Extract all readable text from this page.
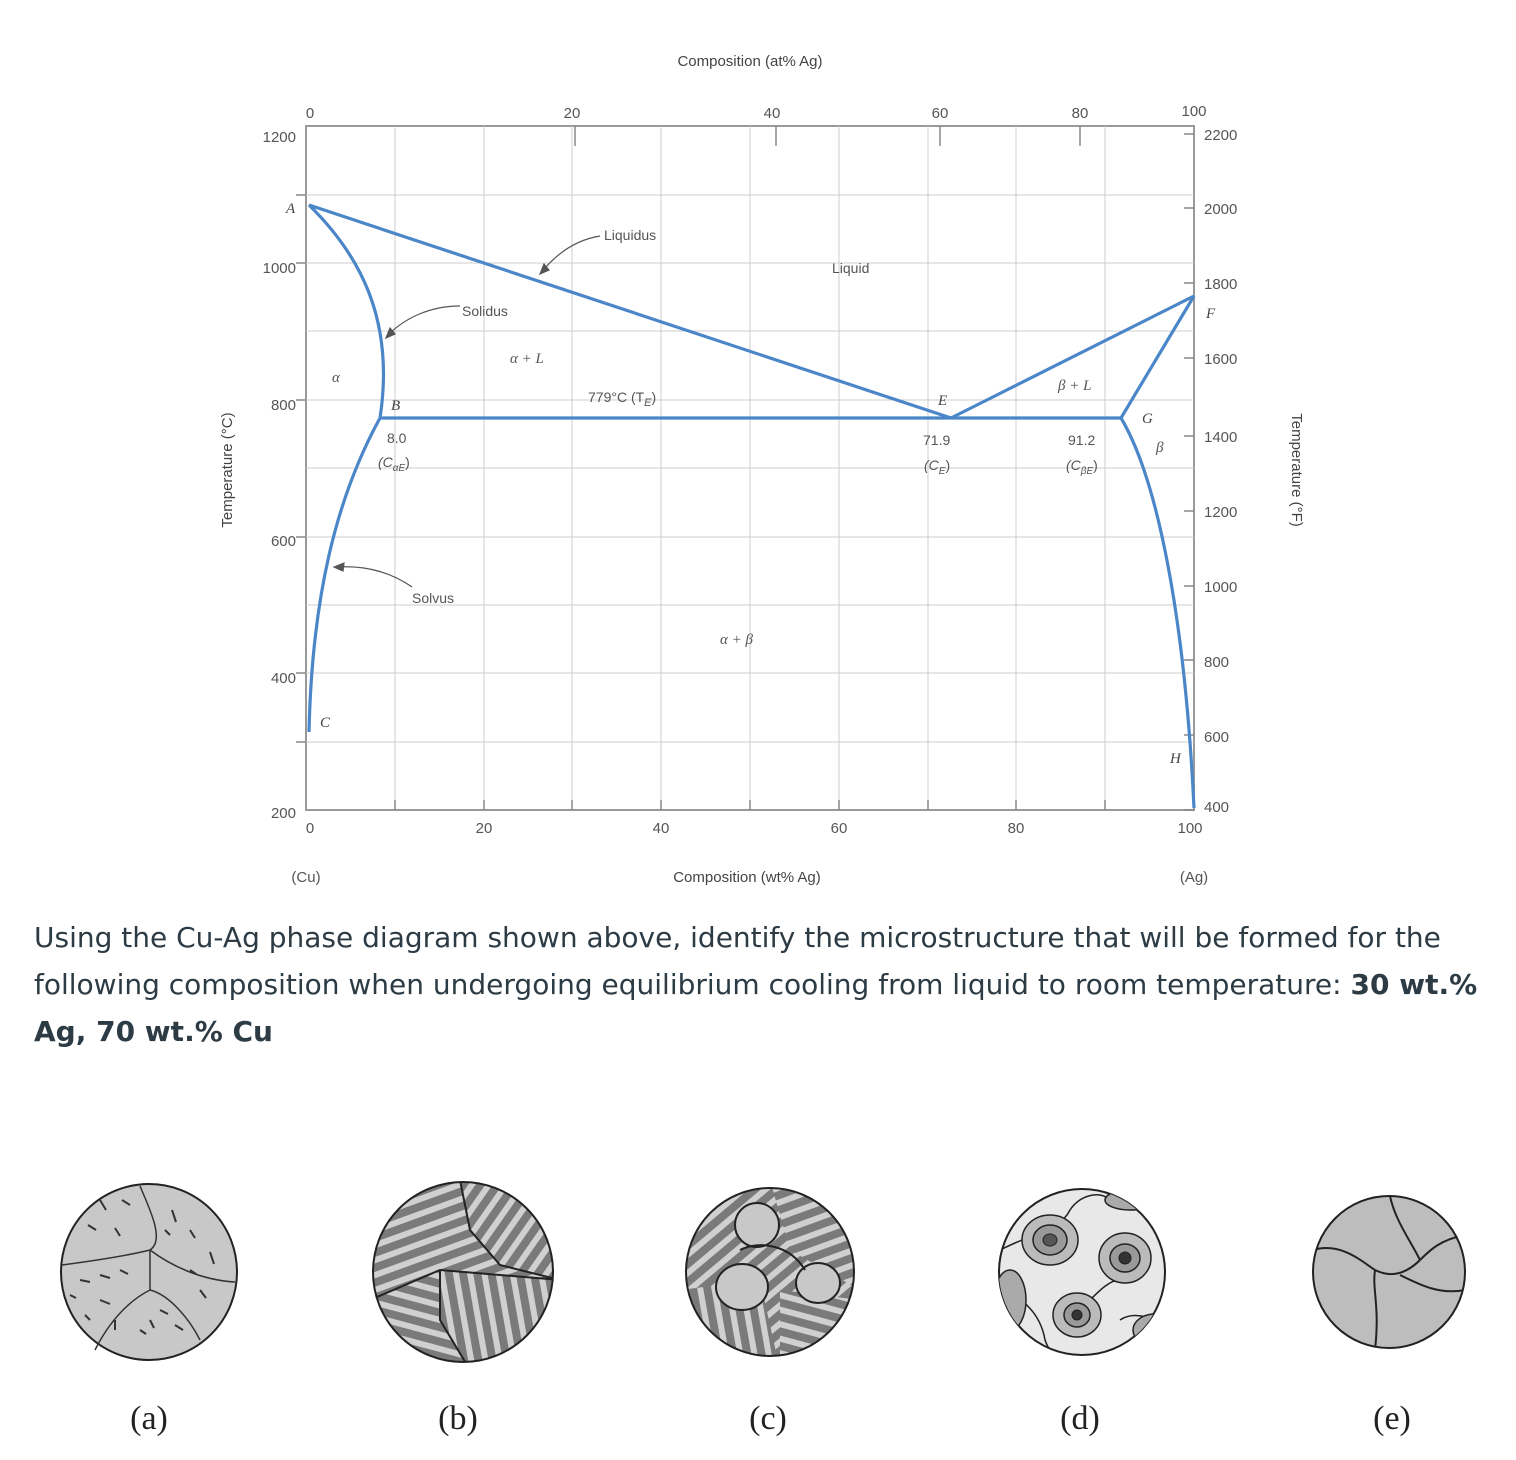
Composition (at% Ag)
0	20	40	60	80	100
0	20	40	60	80	100
Composition (wt% Ag)
(Cu)	(Ag)
200
400
600
800
1000
1200
Temperature (°C)
400
600
800
1000
1200
1400
1600
1800
2000
2200
Temperature (°F)
Liquid
α + L
β + L
α
β
α + β
A
B
C
E
F
G
H
Liquidus
Solidus
Solvus
779°C $(T_E)$
8.0
$(C_{\alpha E})$
71.9
$(C_E)$
91.2
$(C_{\beta E})$
Using the Cu-Ag phase diagram shown above, identify the microstructure that will be formed for the following composition when undergoing equilibrium cooling from liquid to room temperature: 30 wt.% Ag, 70 wt.% Cu
(a)	(b)	(c)	(d)	(e)
